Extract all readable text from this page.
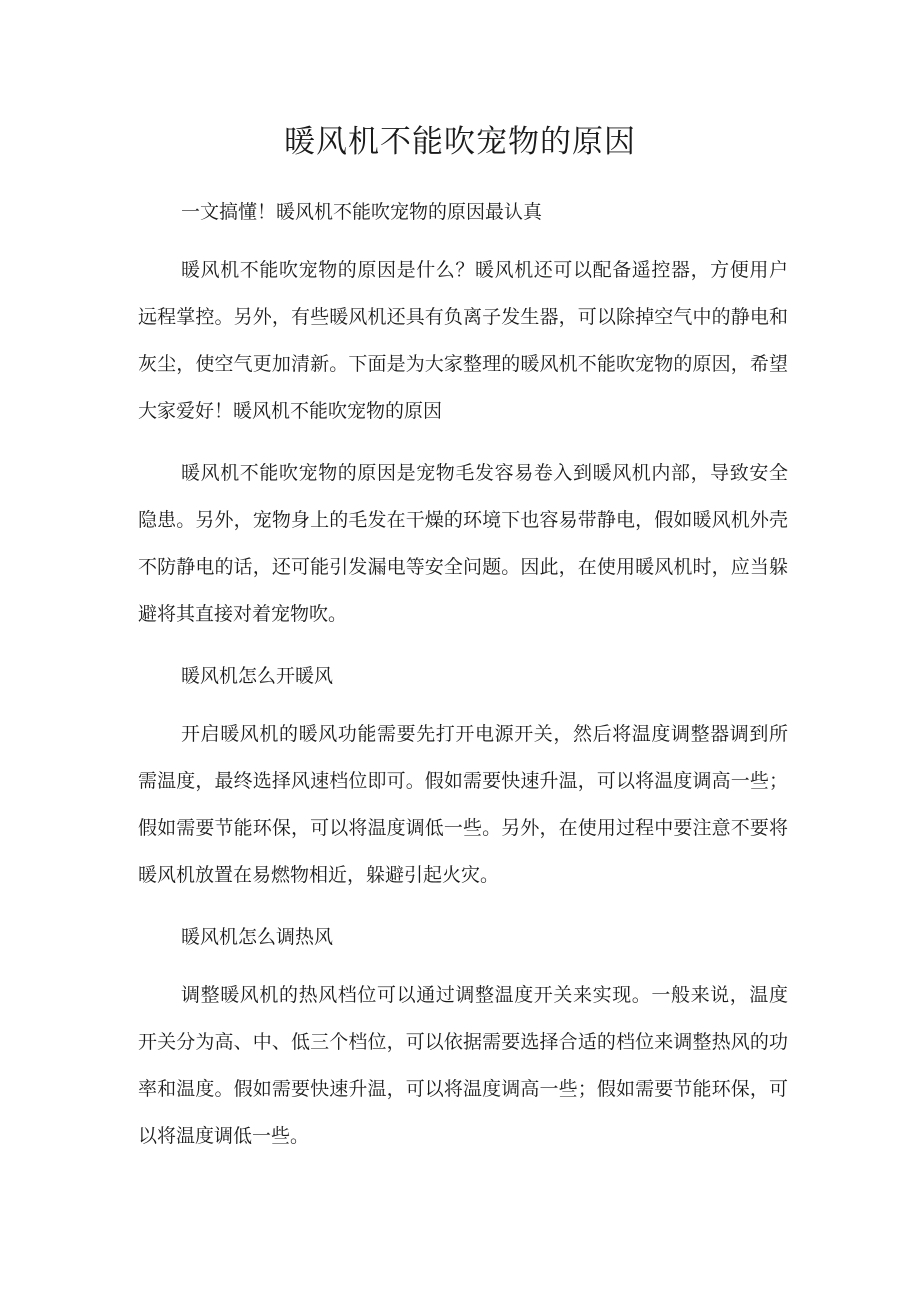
暖风机不能吹宠物的原因

一文搞懂！暖风机不能吹宠物的原因最认真

暖风机不能吹宠物的原因是什么？暖风机还可以配备遥控器，方便用户远程掌控。另外，有些暖风机还具有负离子发生器，可以除掉空气中的静电和灰尘，使空气更加清新。下面是为大家整理的暖风机不能吹宠物的原因，希望大家爱好！暖风机不能吹宠物的原因

暖风机不能吹宠物的原因是宠物毛发容易卷入到暖风机内部，导致安全隐患。另外，宠物身上的毛发在干燥的环境下也容易带静电，假如暖风机外壳不防静电的话，还可能引发漏电等安全问题。因此，在使用暖风机时，应当躲避将其直接对着宠物吹。

暖风机怎么开暖风

开启暖风机的暖风功能需要先打开电源开关，然后将温度调整器调到所需温度，最终选择风速档位即可。假如需要快速升温，可以将温度调高一些；假如需要节能环保，可以将温度调低一些。另外，在使用过程中要注意不要将暖风机放置在易燃物相近，躲避引起火灾。

暖风机怎么调热风

调整暖风机的热风档位可以通过调整温度开关来实现。一般来说，温度开关分为高、中、低三个档位，可以依据需要选择合适的档位来调整热风的功率和温度。假如需要快速升温，可以将温度调高一些；假如需要节能环保，可以将温度调低一些。
